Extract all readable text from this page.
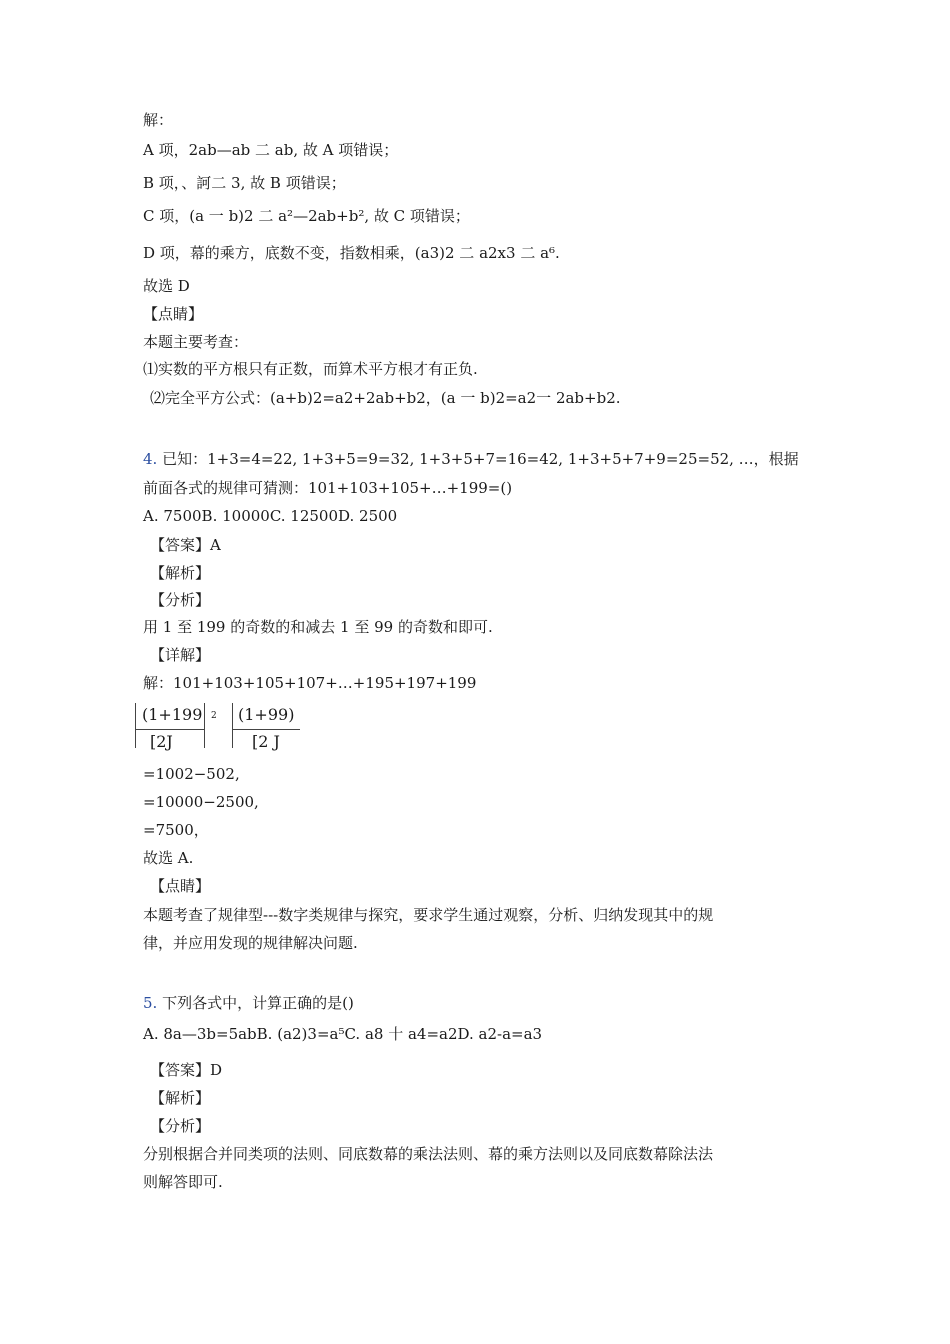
解：
A 项，2ab—ab 二 ab, 故 A 项错误；
B 项，、訶二 3, 故 B 项错误；
C 项，(a 一 b)2 二 a²—2ab+b², 故 C 项错误；
D 项，幕的乘方，底数不变，指数相乘，(a3)2 二 a2x3 二 a⁶.
故选 D
【点睛】
本题主要考查：
⑴实数的平方根只有正数，而算术平方根才有正负.
⑵完全平方公式：(a+b)2=a2+2ab+b2，(a 一 b)2=a2一 2ab+b2.
4. 已知：1+3=4=22, 1+3+5=9=32, 1+3+5+7=16=42, 1+3+5+7+9=25=52, …，根据
前面各式的规律可猜测：101+103+105+…+199=()
A. 7500B. 10000C. 12500D. 2500
【答案】A
【解析】
【分析】
用 1 至 199 的奇数的和减去 1 至 99 的奇数和即可.
【详解】
解：101+103+105+107+…+195+197+199
(1+199
[2J
2 (1+99)
[2 J
=1002−502,
=10000−2500,
=7500，
故选 A.
【点睛】
本题考查了规律型---数字类规律与探究，要求学生通过观察，分析、归纳发现其中的规
律，并应用发现的规律解决问题.
5. 下列各式中，计算正确的是()
A. 8a—3b=5abB. (a2)3=a⁵C. a8 十 a4=a2D. a2-a=a3
【答案】D
【解析】
【分析】
分别根据合并同类项的法则、同底数幕的乘法法则、幕的乘方法则以及同底数幕除法法
则解答即可.
